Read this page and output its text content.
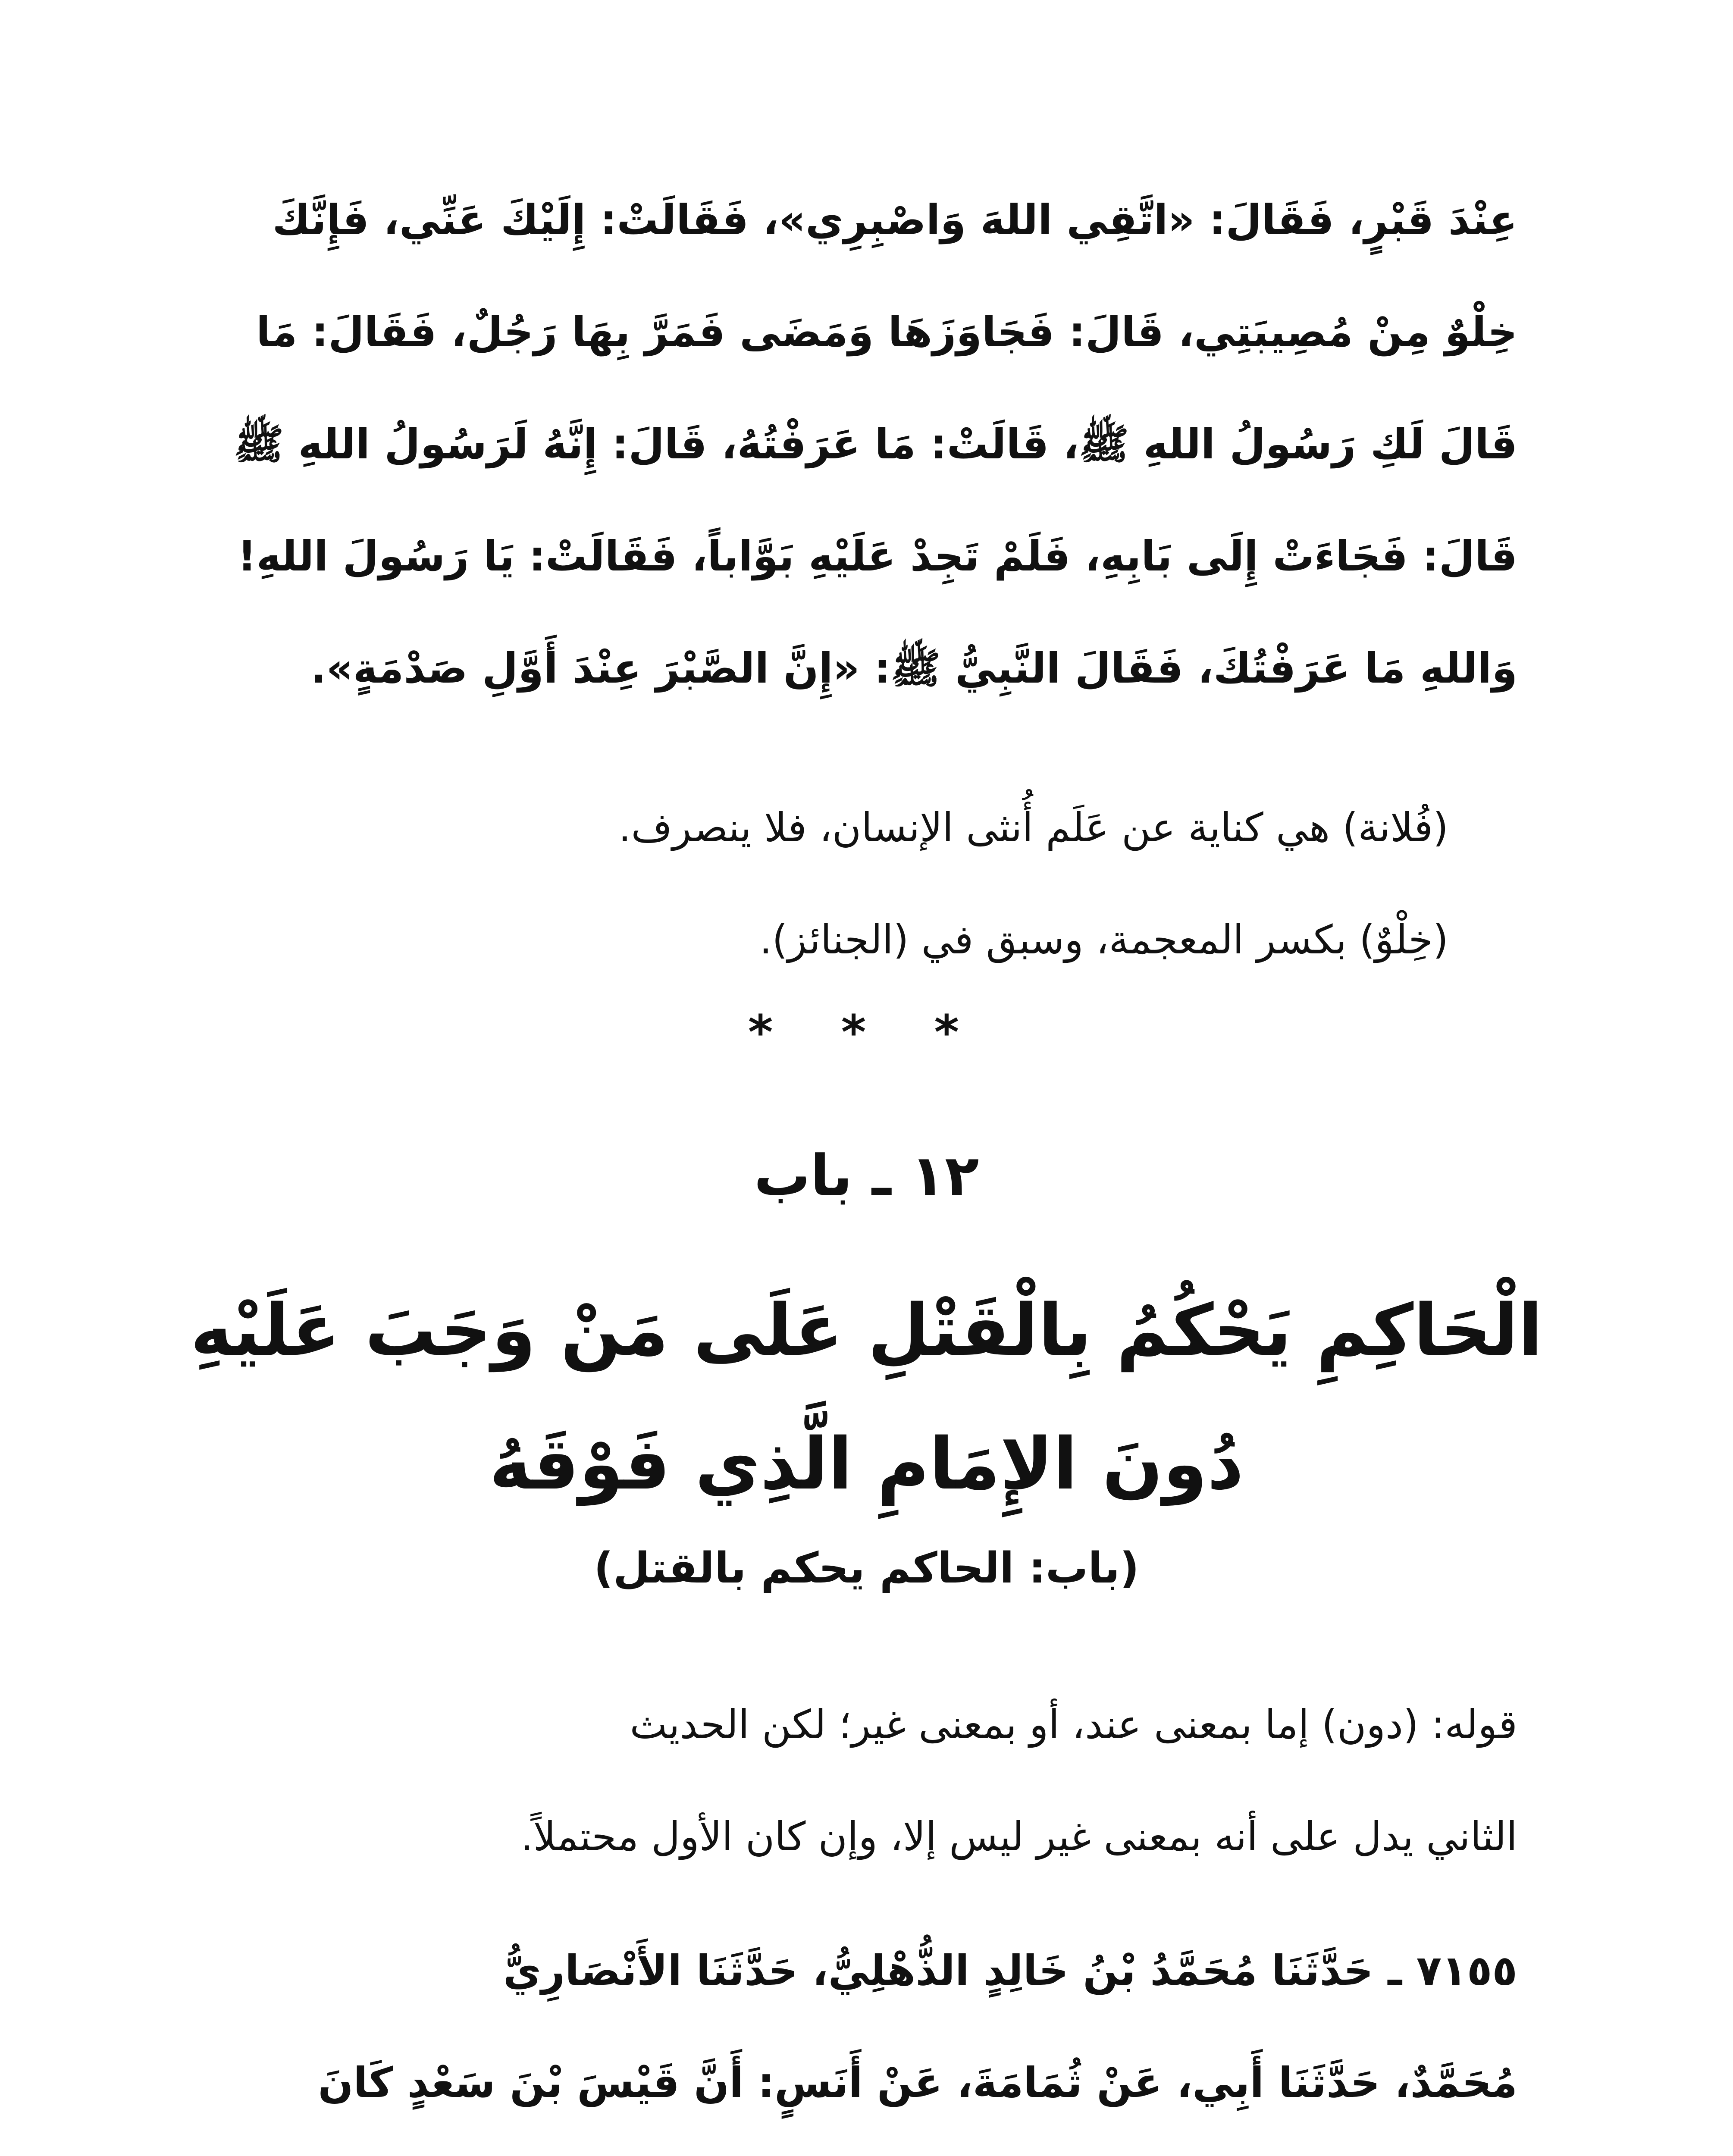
عِنْدَ قَبْرٍ، فَقَالَ: «اتَّقِي اللهَ وَاصْبِرِي»، فَقَالَتْ: إِلَيْكَ عَنِّي، فَإِنَّكَ
خِلْوٌ مِنْ مُصِيبَتِي، قَالَ: فَجَاوَزَهَا وَمَضَى فَمَرَّ بِهَا رَجُلٌ، فَقَالَ: مَا
قَالَ لَكِ رَسُولُ اللهِ ﷺ، قَالَتْ: مَا عَرَفْتُهُ، قَالَ: إِنَّهُ لَرَسُولُ اللهِ ﷺ
قَالَ: فَجَاءَتْ إِلَى بَابِهِ، فَلَمْ تَجِدْ عَلَيْهِ بَوَّاباً، فَقَالَتْ: يَا رَسُولَ اللهِ!
وَاللهِ مَا عَرَفْتُكَ، فَقَالَ النَّبِيُّ ﷺ: «إِنَّ الصَّبْرَ عِنْدَ أَوَّلِ صَدْمَةٍ».
(فُلانة) هي كناية عن عَلَم أُنثى الإنسان، فلا ينصرف.
(خِلْوٌ) بكسر المعجمة، وسبق في (الجنائز).
* * *
١٢ ـ باب
الْحَاكِمِ يَحْكُمُ بِالْقَتْلِ عَلَى مَنْ وَجَبَ عَلَيْهِ
دُونَ الإِمَامِ الَّذِي فَوْقَهُ
(باب: الحاكم يحكم بالقتل)
قوله: (دون) إما بمعنى عند، أو بمعنى غير؛ لكن الحديث
الثاني يدل على أنه بمعنى غير ليس إلا، وإن كان الأول محتملاً.
٧١٥٥ ـ حَدَّثَنَا مُحَمَّدُ بْنُ خَالِدٍ الذُّهْلِيُّ، حَدَّثَنَا الأَنْصَارِيُّ
مُحَمَّدٌ، حَدَّثَنَا أَبِي، عَنْ ثُمَامَةَ، عَنْ أَنَسٍ: أَنَّ قَيْسَ بْنَ سَعْدٍ كَانَ
